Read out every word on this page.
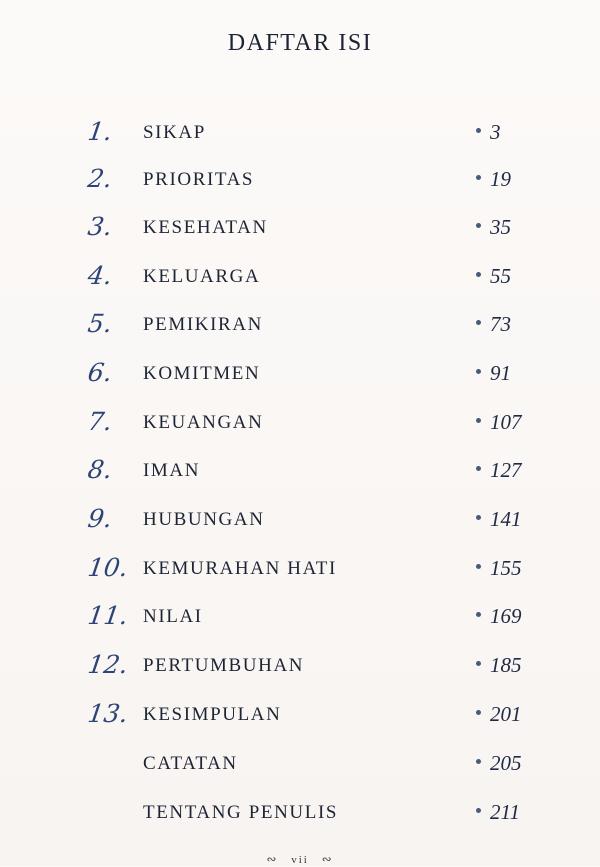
DAFTAR ISI
1.	SIKAP	3
2.	PRIORITAS	19
3.	KESEHATAN	35
4.	KELUARGA	55
5.	PEMIKIRAN	73
6.	KOMITMEN	91
7.	KEUANGAN	107
8.	IMAN	127
9.	HUBUNGAN	141
10. KEMURAHAN HATI	155
11. NILAI	169
12. PERTUMBUHAN	185
13. KESIMPULAN	201
CATATAN	205
TENTANG PENULIS	211
∾ vii ∾
